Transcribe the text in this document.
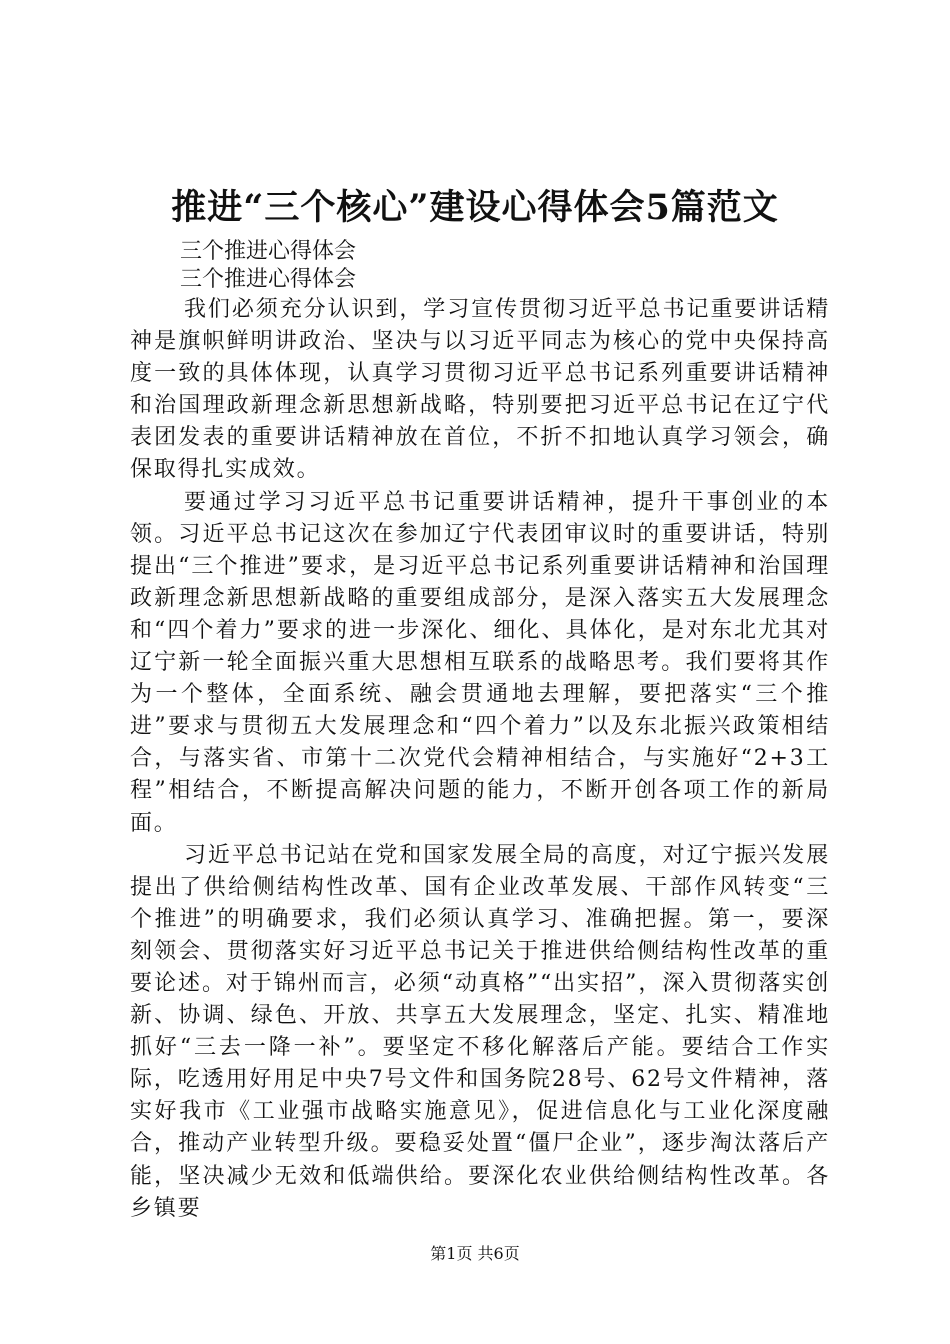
推进“三个核心”建设心得体会5篇范文

三个推进心得体会

三个推进心得体会

我们必须充分认识到，学习宣传贯彻习近平总书记重要讲话精神是旗帜鲜明讲政治、坚决与以习近平同志为核心的党中央保持高度一致的具体体现，认真学习贯彻习近平总书记系列重要讲话精神和治国理政新理念新思想新战略，特别要把习近平总书记在辽宁代表团发表的重要讲话精神放在首位，不折不扣地认真学习领会，确保取得扎实成效。

要通过学习习近平总书记重要讲话精神，提升干事创业的本领。习近平总书记这次在参加辽宁代表团审议时的重要讲话，特别提出“三个推进”要求，是习近平总书记系列重要讲话精神和治国理政新理念新思想新战略的重要组成部分，是深入落实五大发展理念和“四个着力”要求的进一步深化、细化、具体化，是对东北尤其对辽宁新一轮全面振兴重大思想相互联系的战略思考。我们要将其作为一个整体，全面系统、融会贯通地去理解，要把落实“三个推进”要求与贯彻五大发展理念和“四个着力”以及东北振兴政策相结合，与落实省、市第十二次党代会精神相结合，与实施好“2+3工程”相结合，不断提高解决问题的能力，不断开创各项工作的新局面。

习近平总书记站在党和国家发展全局的高度，对辽宁振兴发展提出了供给侧结构性改革、国有企业改革发展、干部作风转变“三个推进”的明确要求，我们必须认真学习、准确把握。第一，要深刻领会、贯彻落实好习近平总书记关于推进供给侧结构性改革的重要论述。对于锦州而言，必须“动真格”“出实招”，深入贯彻落实创新、协调、绿色、开放、共享五大发展理念，坚定、扎实、精准地抓好“三去一降一补”。要坚定不移化解落后产能。要结合工作实际，吃透用好用足中央7号文件和国务院28号、62号文件精神，落实好我市《工业强市战略实施意见》，促进信息化与工业化深度融合，推动产业转型升级。要稳妥处置“僵尸企业”，逐步淘汰落后产能，坚决减少无效和低端供给。要深化农业供给侧结构性改革。各乡镇要

第1页 共6页
